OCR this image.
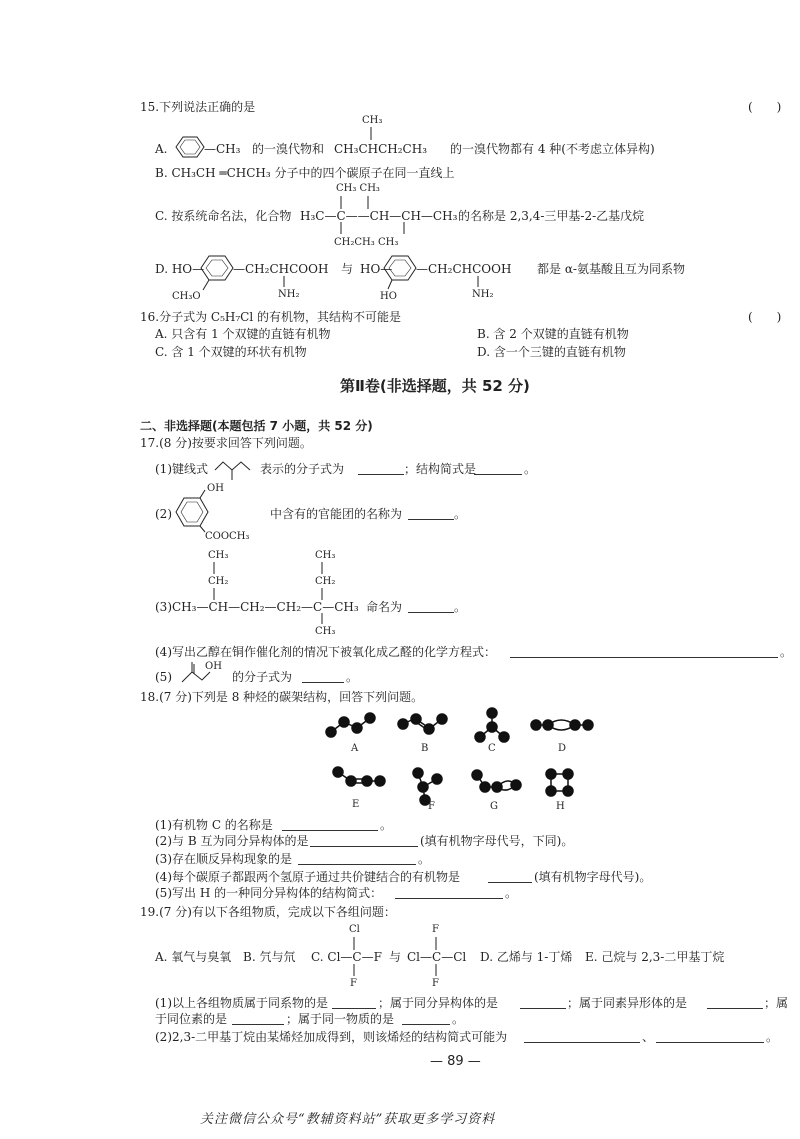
15.下列说法正确的是	(　　)
A.	—CH₃ 的一溴代物和
CH₃
CH₃CHCH₂CH₃ 的一溴代物都有 4 种(不考虑立体异构)
B. CH₃CH ═CHCH₃ 分子中的四个碳原子在同一直线上
CH₃ CH₃
C. 按系统命名法，化合物 H₃C—C——CH—CH—CH₃ 的名称是 2,3,4-三甲基-2-乙基戊烷
CH₂CH₃ CH₃
D. HO— —CH₂CHCOOH 与 HO— —CH₂CHCOOH 都是 α-氨基酸且互为同系物
CH₃O	NH₂	HO	NH₂
16.分子式为 C₅H₇Cl 的有机物，其结构不可能是	(　　)
A. 只含有 1 个双键的直链有机物	B. 含 2 个双键的直链有机物
C. 含 1 个双键的环状有机物	D. 含一个三键的直链有机物
第Ⅱ卷(非选择题，共 52 分)
二、非选择题(本题包括 7 小题，共 52 分)
17.(8 分)按要求回答下列问题。
(1)键线式	表示的分子式为	；结构简式是	。
(2)
OH
COOCH₃
中含有的官能团的名称为	。
CH₃
CH₂
CH₃
CH₂
(3)CH₃—CH—CH₂—CH₂—C—CH₃
CH₃
命名为	。
(4)写出乙醇在铜作催化剂的情况下被氧化成乙醛的化学方程式：	。
(5)
OH
的分子式为	。
18.(7 分)下列是 8 种烃的碳架结构，回答下列问题。
A	B	C	D
E	F	G	H
(1)有机物 C 的名称是	。
(2)与 B 互为同分异构体的是	(填有机物字母代号，下同)。
(3)存在顺反异构现象的是	。
(4)每个碳原子都跟两个氢原子通过共价键结合的有机物是	(填有机物字母代号)。
(5)写出 H 的一种同分异构体的结构简式：	。
19.(7 分)有以下各组物质，完成以下各组问题：
Cl	F
A. 氧气与臭氧 B. 氕与氘 C. Cl—C—F 与 Cl—C—Cl D. 乙烯与 1-丁烯 E. 己烷与 2,3-二甲基丁烷
F	F
(1)以上各组物质属于同系物的是	；属于同分异构体的是	；属于同素异形体的是	；属
于同位素的是	；属于同一物质的是	。
(2)2,3-二甲基丁烷由某烯烃加成得到，则该烯烃的结构简式可能为	、	。
— 89 —
关注微信公众号“教辅资料站”获取更多学习资料
